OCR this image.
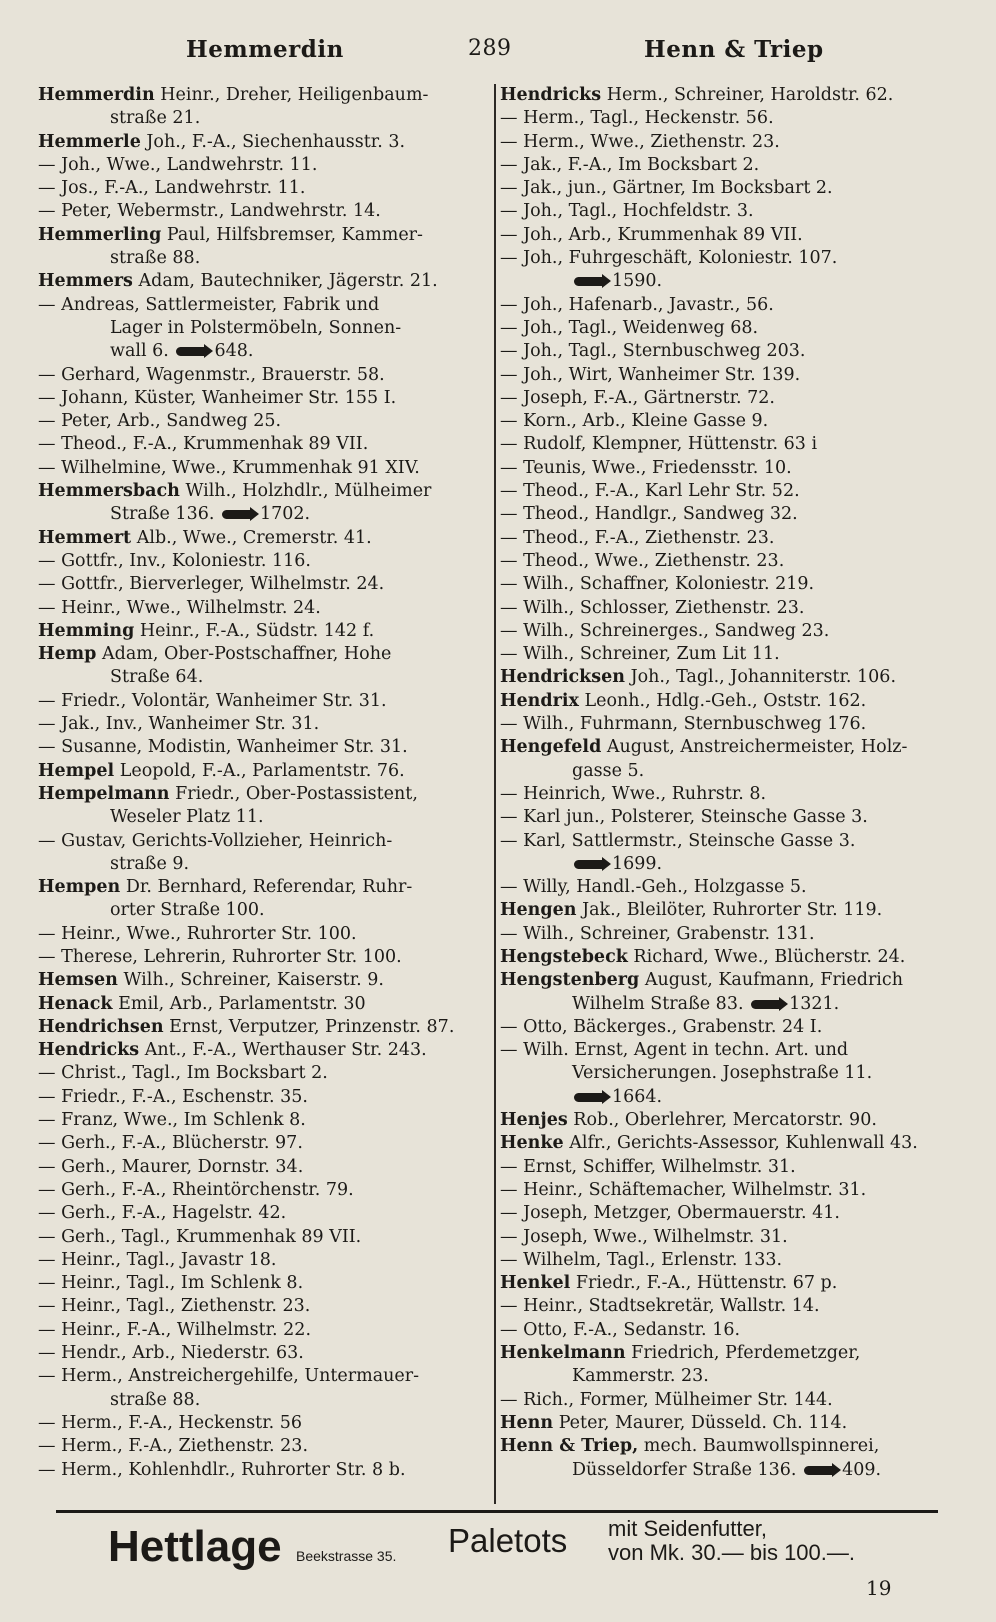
Hemmerdin	289	Henn & Triep
Hemmerdin Heinr., Dreher, Heiligenbaum-
straße 21.
Hemmerle Joh., F.-A., Siechenhausstr. 3.
— Joh., Wwe., Landwehrstr. 11.
— Jos., F.-A., Landwehrstr. 11.
— Peter, Webermstr., Landwehrstr. 14.
Hemmerling Paul, Hilfsbremser, Kammer-
straße 88.
Hemmers Adam, Bautechniker, Jägerstr. 21.
— Andreas, Sattlermeister, Fabrik und
Lager in Polstermöbeln, Sonnen-
wall 6.	648.
— Gerhard, Wagenmstr., Brauerstr. 58.
— Johann, Küster, Wanheimer Str. 155 I.
— Peter, Arb., Sandweg 25.
— Theod., F.-A., Krummenhak 89 VII.
— Wilhelmine, Wwe., Krummenhak 91 XIV.
Hemmersbach Wilh., Holzhdlr., Mülheimer
Straße 136.	1702.
Hemmert Alb., Wwe., Cremerstr. 41.
— Gottfr., Inv., Koloniestr. 116.
— Gottfr., Bierverleger, Wilhelmstr. 24.
— Heinr., Wwe., Wilhelmstr. 24.
Hemming Heinr., F.-A., Südstr. 142 f.
Hemp Adam, Ober-Postschaffner, Hohe
Straße 64.
— Friedr., Volontär, Wanheimer Str. 31.
— Jak., Inv., Wanheimer Str. 31.
— Susanne, Modistin, Wanheimer Str. 31.
Hempel Leopold, F.-A., Parlamentstr. 76.
Hempelmann Friedr., Ober-Postassistent,
Weseler Platz 11.
— Gustav, Gerichts-Vollzieher, Heinrich-
straße 9.
Hempen Dr. Bernhard, Referendar, Ruhr-
orter Straße 100.
— Heinr., Wwe., Ruhrorter Str. 100.
— Therese, Lehrerin, Ruhrorter Str. 100.
Hemsen Wilh., Schreiner, Kaiserstr. 9.
Henack Emil, Arb., Parlamentstr. 30
Hendrichsen Ernst, Verputzer, Prinzenstr. 87.
Hendricks Ant., F.-A., Werthauser Str. 243.
— Christ., Tagl., Im Bocksbart 2.
— Friedr., F.-A., Eschenstr. 35.
— Franz, Wwe., Im Schlenk 8.
— Gerh., F.-A., Blücherstr. 97.
— Gerh., Maurer, Dornstr. 34.
— Gerh., F.-A., Rheintörchenstr. 79.
— Gerh., F.-A., Hagelstr. 42.
— Gerh., Tagl., Krummenhak 89 VII.
— Heinr., Tagl., Javastr 18.
— Heinr., Tagl., Im Schlenk 8.
— Heinr., Tagl., Ziethenstr. 23.
— Heinr., F.-A., Wilhelmstr. 22.
— Hendr., Arb., Niederstr. 63.
— Herm., Anstreichergehilfe, Untermauer-
straße 88.
— Herm., F.-A., Heckenstr. 56
— Herm., F.-A., Ziethenstr. 23.
— Herm., Kohlenhdlr., Ruhrorter Str. 8 b.
Hendricks Herm., Schreiner, Haroldstr. 62.
— Herm., Tagl., Heckenstr. 56.
— Herm., Wwe., Ziethenstr. 23.
— Jak., F.-A., Im Bocksbart 2.
— Jak., jun., Gärtner, Im Bocksbart 2.
— Joh., Tagl., Hochfeldstr. 3.
— Joh., Arb., Krummenhak 89 VII.
— Joh., Fuhrgeschäft, Koloniestr. 107.
1590.
— Joh., Hafenarb., Javastr., 56.
— Joh., Tagl., Weidenweg 68.
— Joh., Tagl., Sternbuschweg 203.
— Joh., Wirt, Wanheimer Str. 139.
— Joseph, F.-A., Gärtnerstr. 72.
— Korn., Arb., Kleine Gasse 9.
— Rudolf, Klempner, Hüttenstr. 63 i
— Teunis, Wwe., Friedensstr. 10.
— Theod., F.-A., Karl Lehr Str. 52.
— Theod., Handlgr., Sandweg 32.
— Theod., F.-A., Ziethenstr. 23.
— Theod., Wwe., Ziethenstr. 23.
— Wilh., Schaffner, Koloniestr. 219.
— Wilh., Schlosser, Ziethenstr. 23.
— Wilh., Schreinerges., Sandweg 23.
— Wilh., Schreiner, Zum Lit 11.
Hendricksen Joh., Tagl., Johanniterstr. 106.
Hendrix Leonh., Hdlg.-Geh., Oststr. 162.
— Wilh., Fuhrmann, Sternbuschweg 176.
Hengefeld August, Anstreichermeister, Holz-
gasse 5.
— Heinrich, Wwe., Ruhrstr. 8.
— Karl jun., Polsterer, Steinsche Gasse 3.
— Karl, Sattlermstr., Steinsche Gasse 3.
1699.
— Willy, Handl.-Geh., Holzgasse 5.
Hengen Jak., Bleilöter, Ruhrorter Str. 119.
— Wilh., Schreiner, Grabenstr. 131.
Hengstebeck Richard, Wwe., Blücherstr. 24.
Hengstenberg August, Kaufmann, Friedrich
Wilhelm Straße 83.	1321.
— Otto, Bäckerges., Grabenstr. 24 I.
— Wilh. Ernst, Agent in techn. Art. und
Versicherungen. Josephstraße 11.
1664.
Henjes Rob., Oberlehrer, Mercatorstr. 90.
Henke Alfr., Gerichts-Assessor, Kuhlenwall 43.
— Ernst, Schiffer, Wilhelmstr. 31.
— Heinr., Schäftemacher, Wilhelmstr. 31.
— Joseph, Metzger, Obermauerstr. 41.
— Joseph, Wwe., Wilhelmstr. 31.
— Wilhelm, Tagl., Erlenstr. 133.
Henkel Friedr., F.-A., Hüttenstr. 67 p.
— Heinr., Stadtsekretär, Wallstr. 14.
— Otto, F.-A., Sedanstr. 16.
Henkelmann Friedrich, Pferdemetzger,
Kammerstr. 23.
— Rich., Former, Mülheimer Str. 144.
Henn Peter, Maurer, Düsseld. Ch. 114.
Henn & Triep, mech. Baumwollspinnerei,
Düsseldorfer Straße 136.	409.
Hettlage Beekstrasse 35. Paletots mit Seidenfutter,
von Mk. 30.— bis 100.—.
19
